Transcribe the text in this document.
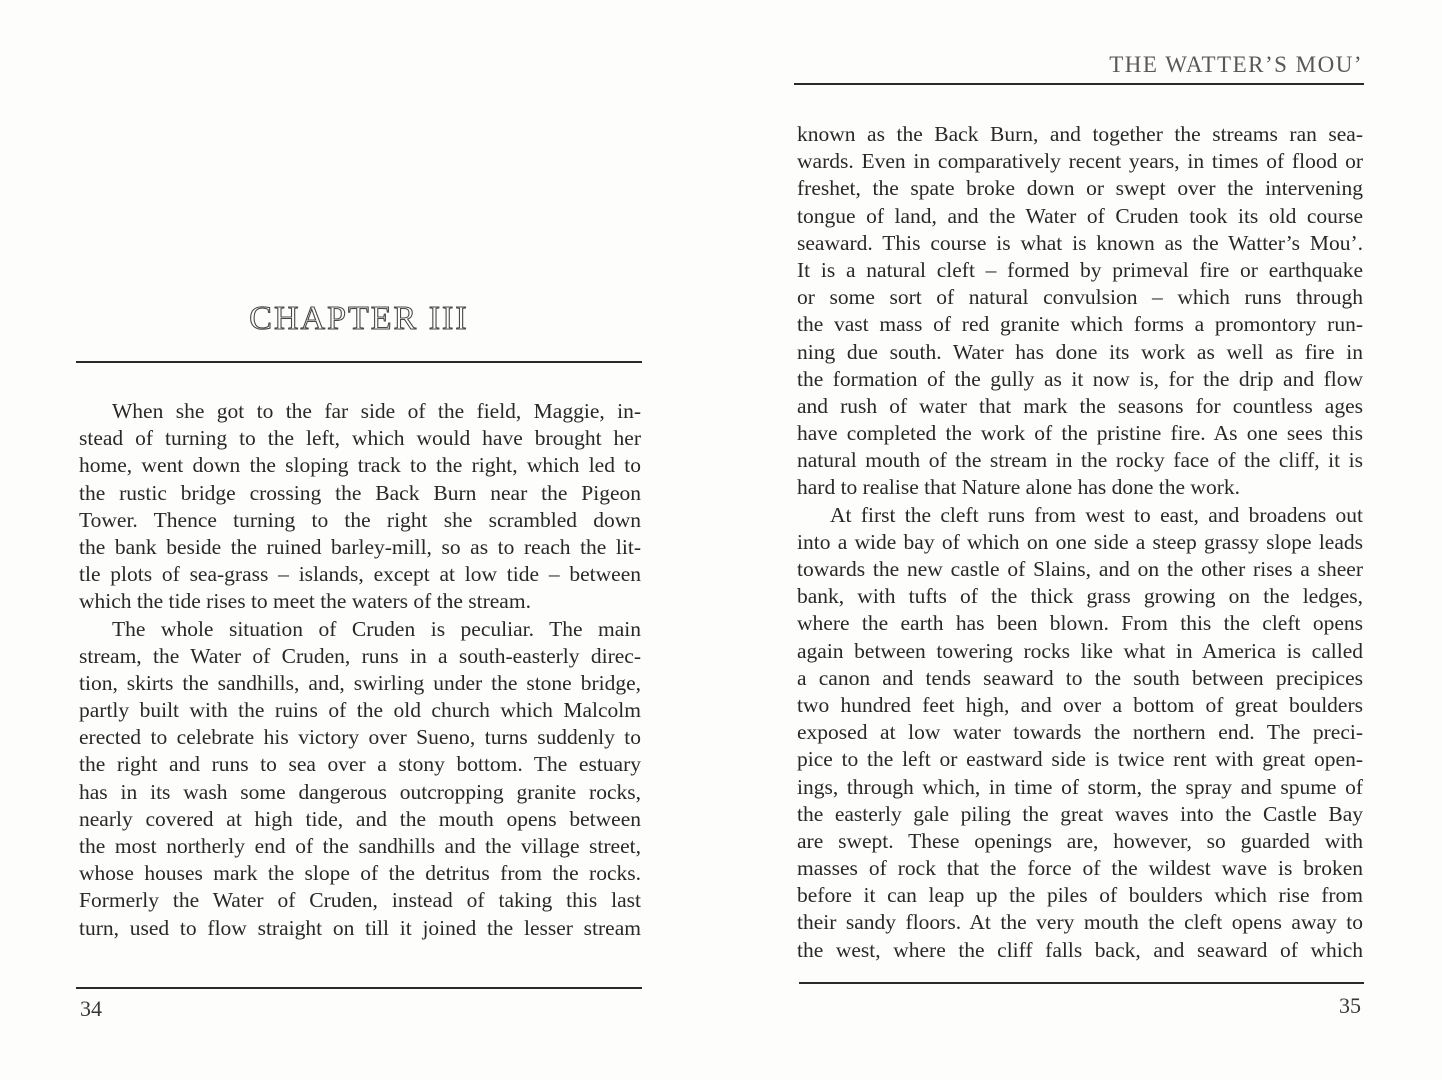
CHAPTER III
When she got to the far side of the field, Maggie, in-
stead of turning to the left, which would have brought her
home, went down the sloping track to the right, which led to
the rustic bridge crossing the Back Burn near the Pigeon
Tower. Thence turning to the right she scrambled down
the bank beside the ruined barley-mill, so as to reach the lit-
tle plots of sea-grass – islands, except at low tide – between
which the tide rises to meet the waters of the stream.
The whole situation of Cruden is peculiar. The main
stream, the Water of Cruden, runs in a south-easterly direc-
tion, skirts the sandhills, and, swirling under the stone bridge,
partly built with the ruins of the old church which Malcolm
erected to celebrate his victory over Sueno, turns suddenly to
the right and runs to sea over a stony bottom. The estuary
has in its wash some dangerous outcropping granite rocks,
nearly covered at high tide, and the mouth opens between
the most northerly end of the sandhills and the village street,
whose houses mark the slope of the detritus from the rocks.
Formerly the Water of Cruden, instead of taking this last
turn, used to flow straight on till it joined the lesser stream
34
THE WATTER’S MOU’
known as the Back Burn, and together the streams ran sea-
wards. Even in comparatively recent years, in times of flood or
freshet, the spate broke down or swept over the intervening
tongue of land, and the Water of Cruden took its old course
seaward. This course is what is known as the Watter’s Mou’.
It is a natural cleft – formed by primeval fire or earthquake
or some sort of natural convulsion – which runs through
the vast mass of red granite which forms a promontory run-
ning due south. Water has done its work as well as fire in
the formation of the gully as it now is, for the drip and flow
and rush of water that mark the seasons for countless ages
have completed the work of the pristine fire. As one sees this
natural mouth of the stream in the rocky face of the cliff, it is
hard to realise that Nature alone has done the work.
At first the cleft runs from west to east, and broadens out
into a wide bay of which on one side a steep grassy slope leads
towards the new castle of Slains, and on the other rises a sheer
bank, with tufts of the thick grass growing on the ledges,
where the earth has been blown. From this the cleft opens
again between towering rocks like what in America is called
a canon and tends seaward to the south between precipices
two hundred feet high, and over a bottom of great boulders
exposed at low water towards the northern end. The preci-
pice to the left or eastward side is twice rent with great open-
ings, through which, in time of storm, the spray and spume of
the easterly gale piling the great waves into the Castle Bay
are swept. These openings are, however, so guarded with
masses of rock that the force of the wildest wave is broken
before it can leap up the piles of boulders which rise from
their sandy floors. At the very mouth the cleft opens away to
the west, where the cliff falls back, and seaward of which
35
